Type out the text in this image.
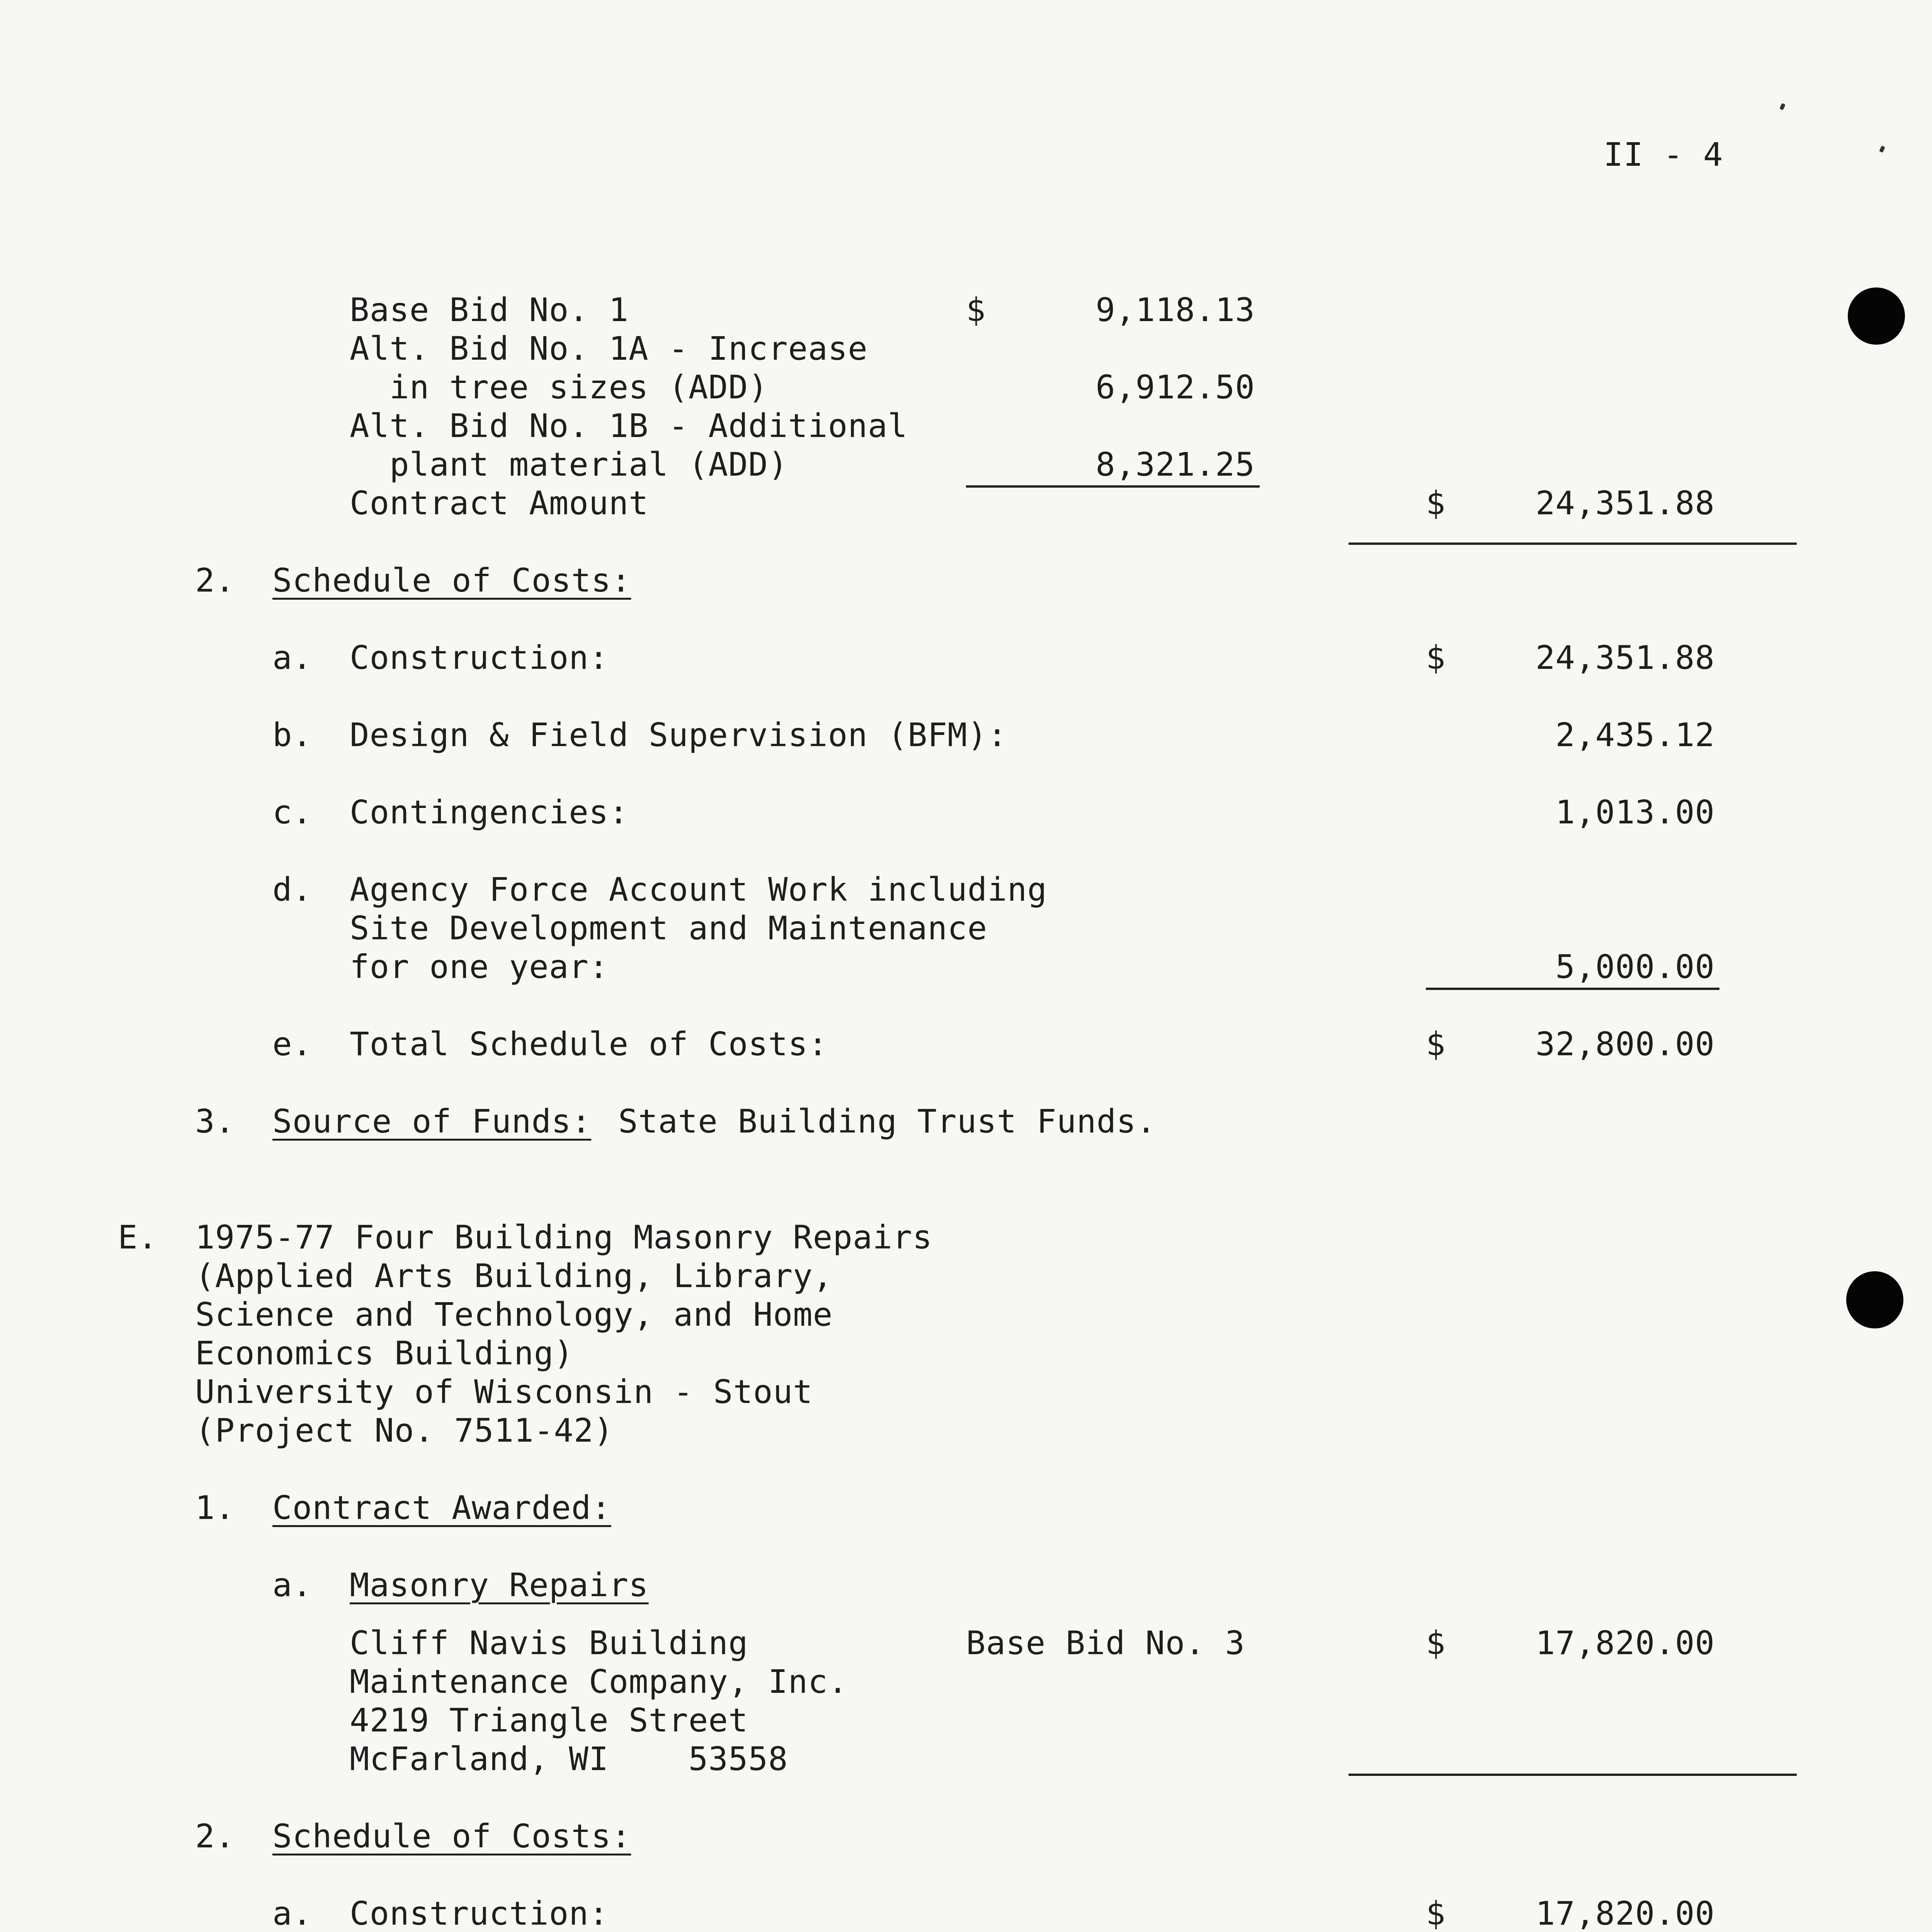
II - 4
Base Bid No. 1	$	9,118.13
Alt. Bid No. 1A - Increase
in tree sizes (ADD)	6,912.50
Alt. Bid No. 1B - Additional
plant material (ADD)	8,321.25
Contract Amount	$	24,351.88
2. Schedule of Costs:
a. Construction:	$	24,351.88
b. Design & Field Supervision (BFM):	2,435.12
c. Contingencies:	1,013.00
d. Agency Force Account Work including
Site Development and Maintenance
for one year:	5,000.00
e. Total Schedule of Costs:	$	32,800.00
3. Source of Funds: State Building Trust Funds.
E. 1975-77 Four Building Masonry Repairs
(Applied Arts Building, Library,
Science and Technology, and Home
Economics Building)
University of Wisconsin - Stout
(Project No. 7511-42)
1. Contract Awarded:
a. Masonry Repairs
Cliff Navis Building
Maintenance Company, Inc.
4219 Triangle Street
McFarland, WI    53558
Base Bid No. 3	$	17,820.00
2. Schedule of Costs:
a. Construction:	$	17,820.00
